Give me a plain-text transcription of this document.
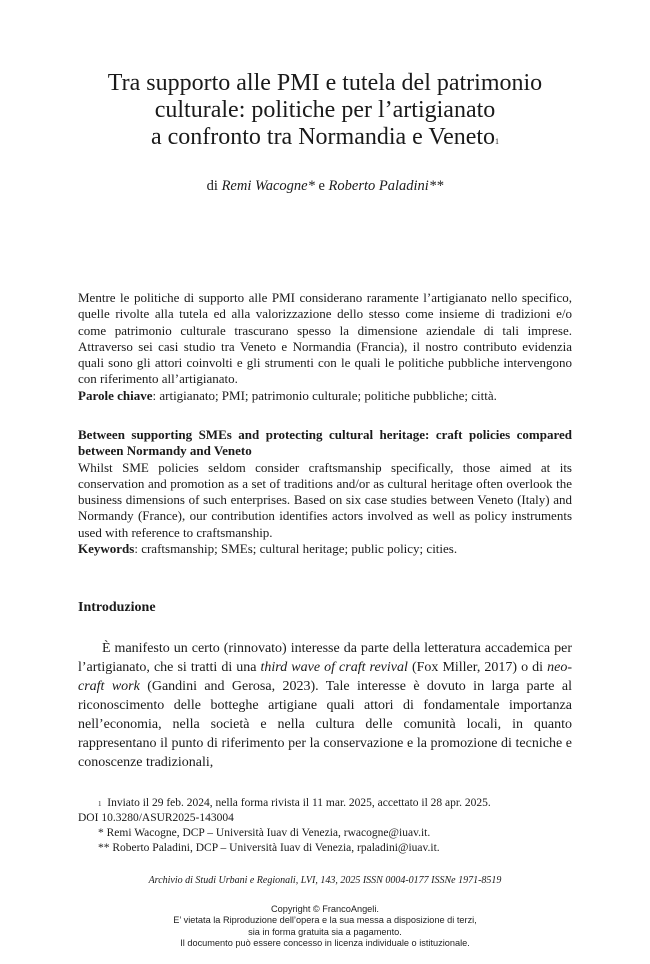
Tra supporto alle PMI e tutela del patrimonio
culturale: politiche per l’artigianato
a confronto tra Normandia e Veneto$^1$
di Remi Wacogne* e Roberto Paladini**
Mentre le politiche di supporto alle PMI considerano raramente l’artigianato nello specifico, quelle rivolte alla tutela ed alla valorizzazione dello stesso come insieme di tradizioni e/o come patrimonio culturale trascurano spesso la dimensione aziendale di tali imprese. Attraverso sei casi studio tra Veneto e Normandia (Francia), il nostro contributo evidenzia quali sono gli attori coinvolti e gli strumenti con le quali le politiche pubbliche intervengono con riferimento all’artigianato.
Parole chiave: artigianato; PMI; patrimonio culturale; politiche pubbliche; città.
Between supporting SMEs and protecting cultural heritage: craft policies compared between Normandy and Veneto
Whilst SME policies seldom consider craftsmanship specifically, those aimed at its conservation and promotion as a set of traditions and/or as cultural heritage often overlook the business dimensions of such enterprises. Based on six case studies between Veneto (Italy) and Normandy (France), our contribution identifies actors involved as well as policy instruments used with reference to craftsmanship.
Keywords: craftsmanship; SMEs; cultural heritage; public policy; cities.
Introduzione
È manifesto un certo (rinnovato) interesse da parte della letteratura accademica per l’artigianato, che si tratti di una third wave of craft revival (Fox Miller, 2017) o di neo-craft work (Gandini and Gerosa, 2023). Tale interesse è dovuto in larga parte al riconoscimento delle botteghe artigiane quali attori di fondamentale importanza nell’economia, nella società e nella cultura delle comunità locali, in quanto rappresentano il punto di riferimento per la conservazione e la promozione di tecniche e conoscenze tradizionali,
$^1$ Inviato il 29 feb. 2024, nella forma rivista il 11 mar. 2025, accettato il 28 apr. 2025.
DOI 10.3280/ASUR2025-143004
* Remi Wacogne, DCP – Università Iuav di Venezia, rwacogne@iuav.it.
** Roberto Paladini, DCP – Università Iuav di Venezia, rpaladini@iuav.it.
Archivio di Studi Urbani e Regionali, LVI, 143, 2025 ISSN 0004-0177 ISSNe 1971-8519
Copyright © FrancoAngeli.
E’ vietata la Riproduzione dell’opera e la sua messa a disposizione di terzi,
sia in forma gratuita sia a pagamento.
Il documento può essere concesso in licenza individuale o istituzionale.
